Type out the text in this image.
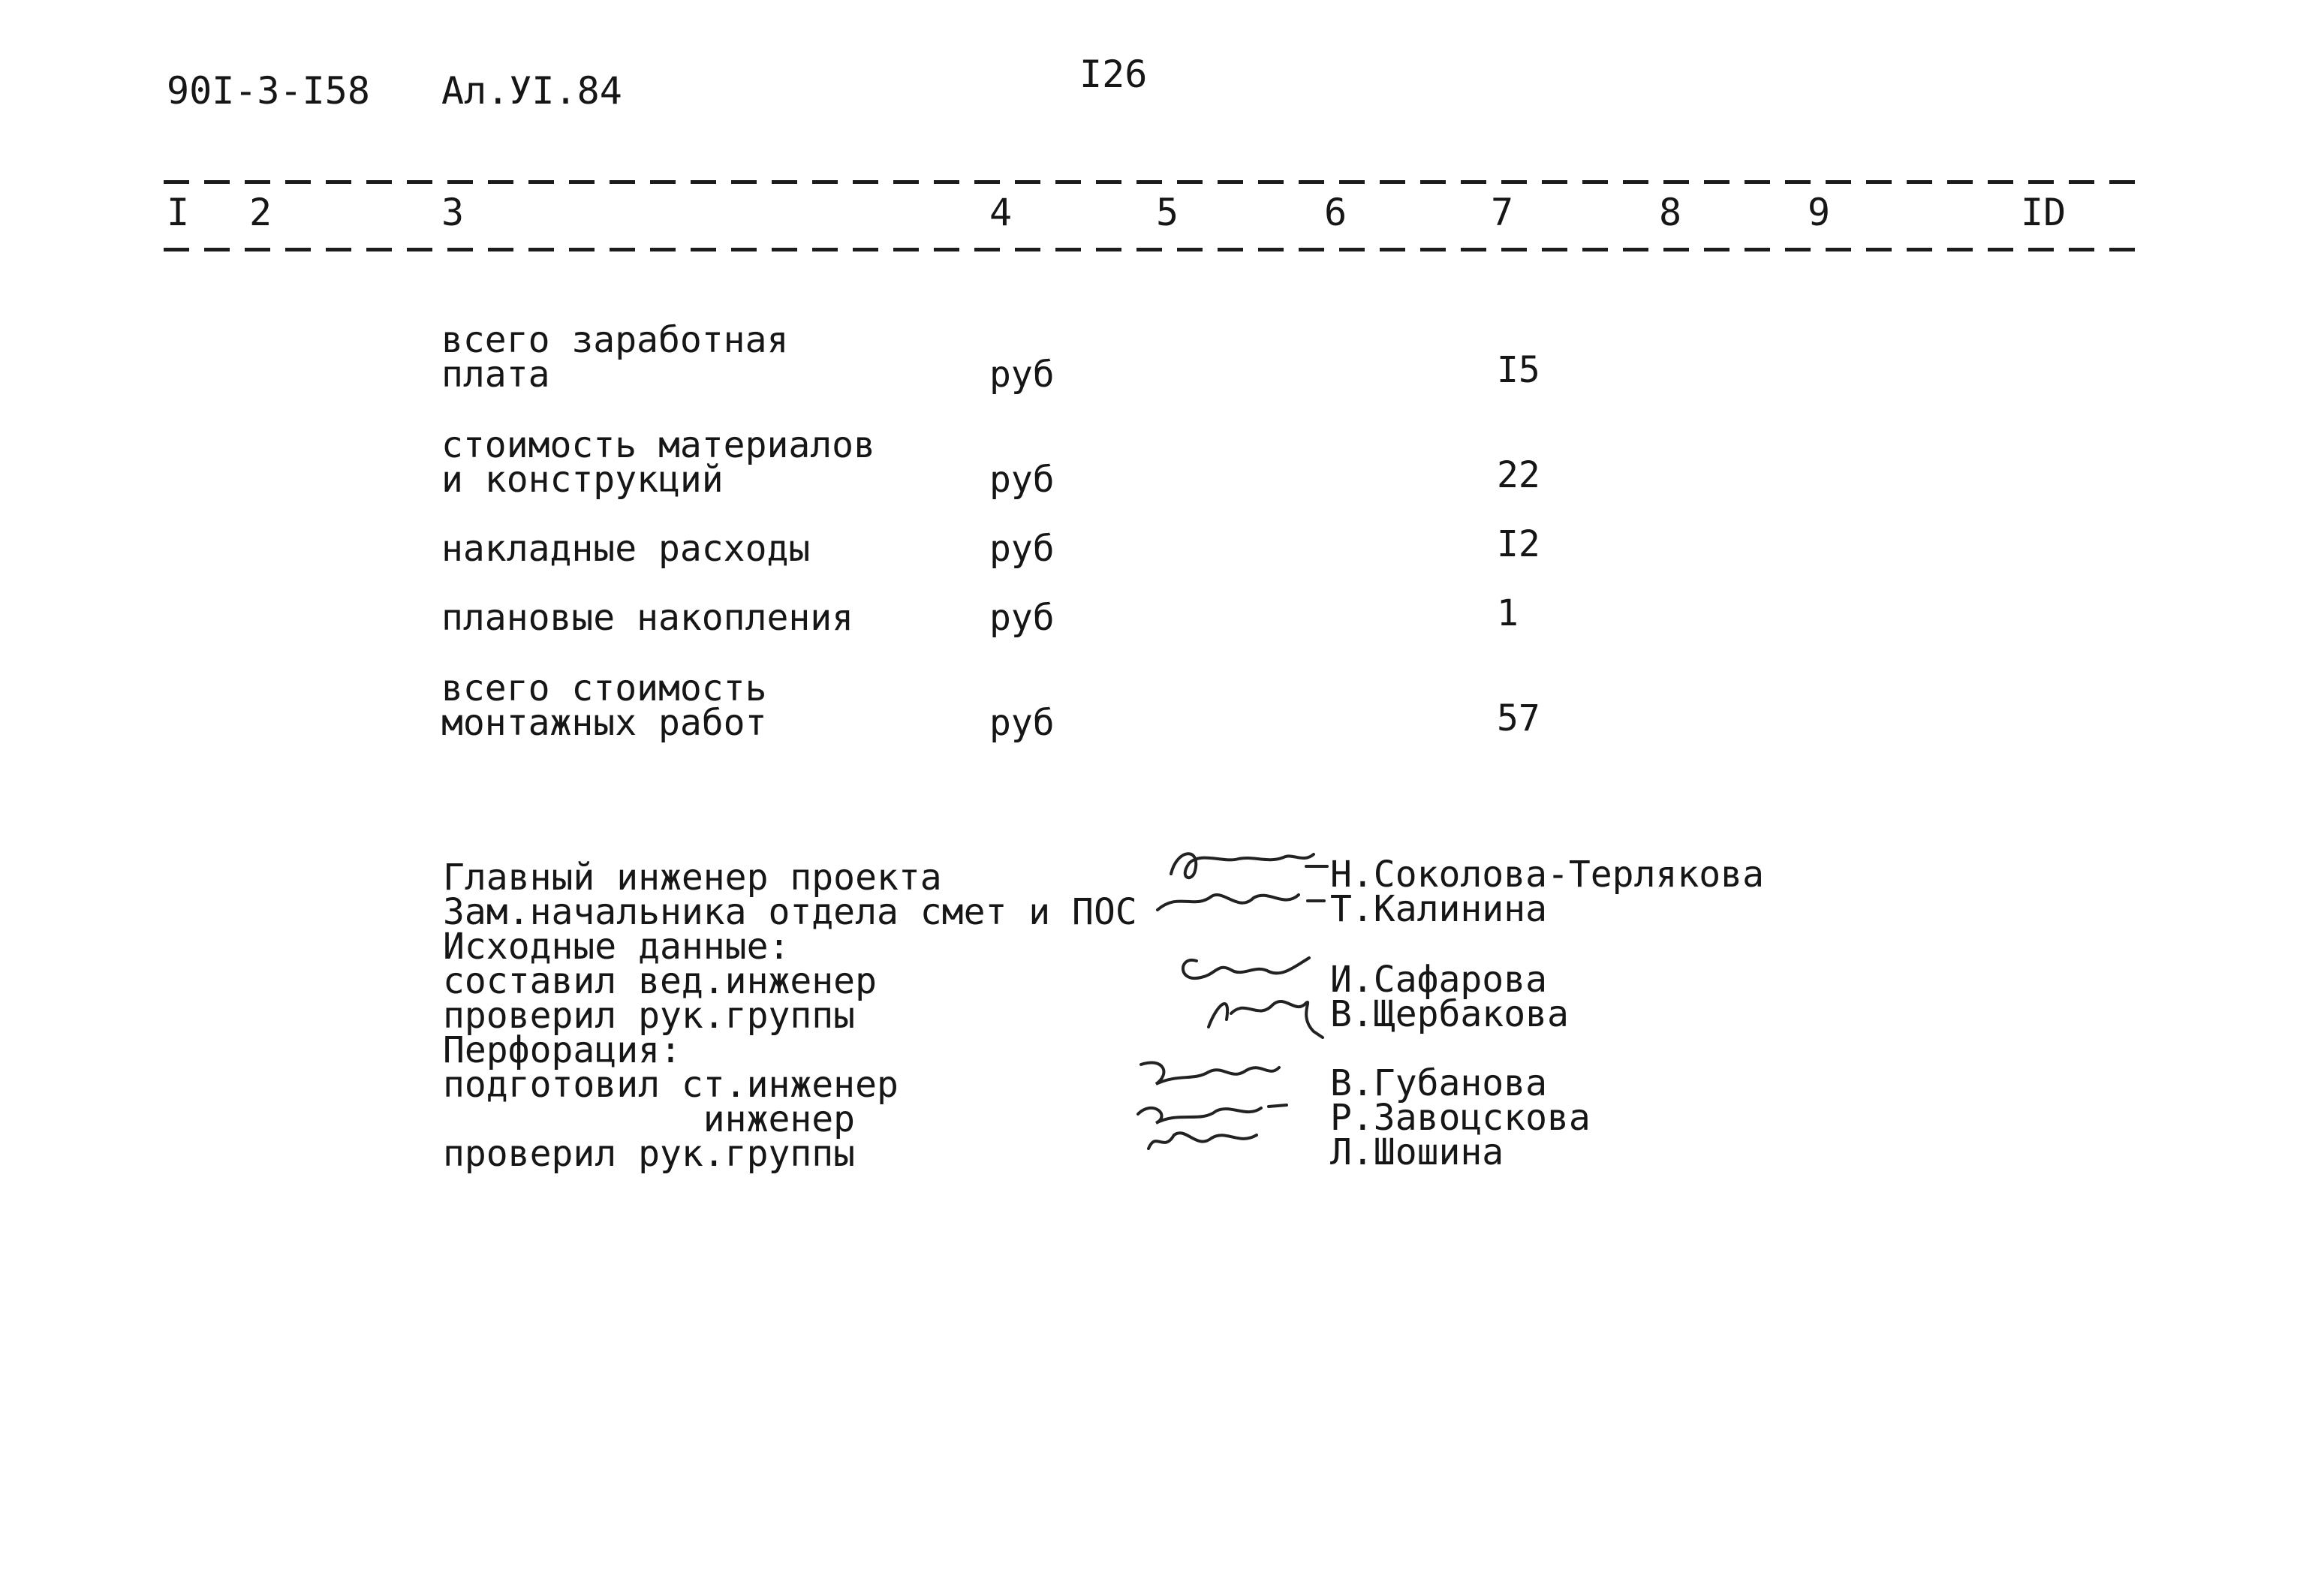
90I-3-I58 Ал.УI.84	I26
I 2	3	4	5	6	7	8	9	ID
всего заработная
плата	руб	I5
стоимость материалов
и конструкций	руб	22
накладные расходы	руб	I2
плановые накопления	руб	1
всего стоимость
монтажных работ	руб	57
Главный инженер проекта	Н.Соколова-Терлякова
Зам.начальника отдела смет и ПОС	Т.Калинина
Исходные данные:
составил вед.инженер	И.Сафарова
проверил рук.группы	В.Щербакова
Перфорация:
подготовил ст.инженер	В.Губанова
инженер	Р.Завоцскова
проверил рук.группы	Л.Шошина
